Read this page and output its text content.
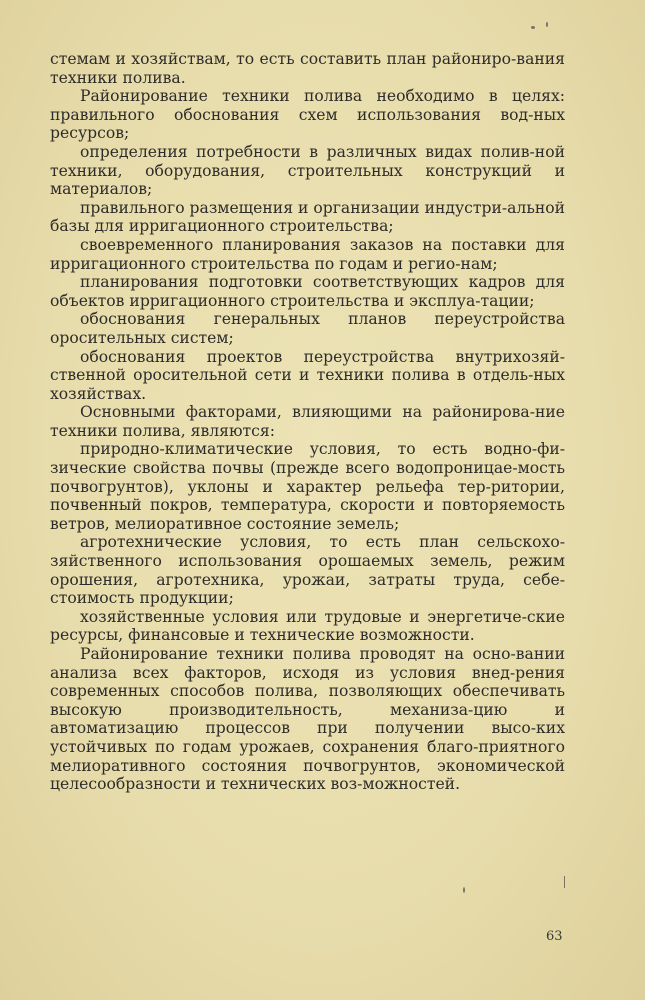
стемам и хозяйствам, то есть составить план райониро-вания техники полива.

Районирование техники полива необходимо в целях: правильного обоснования схем использования вод-ных ресурсов;

определения потребности в различных видах полив-ной техники, оборудования, строительных конструкций и материалов;

правильного размещения и организации индустри-альной базы для ирригационного строительства;

своевременного планирования заказов на поставки для ирригационного строительства по годам и регио-нам;

планирования подготовки соответствующих кадров для объектов ирригационного строительства и эксплуа-тации;

обоснования генеральных планов переустройства оросительных систем;

обоснования проектов переустройства внутрихозяй-ственной оросительной сети и техники полива в отдель-ных хозяйствах.

Основными факторами, влияющими на районирова-ние техники полива, являются:

природно-климатические условия, то есть водно-фи-зические свойства почвы (прежде всего водопроницае-мость почвогрунтов), уклоны и характер рельефа тер-ритории, почвенный покров, температура, скорости и повторяемость ветров, мелиоративное состояние земель;

агротехнические условия, то есть план сельскохо-зяйственного использования орошаемых земель, режим орошения, агротехника, урожаи, затраты труда, себе-стоимость продукции;

хозяйственные условия или трудовые и энергетиче-ские ресурсы, финансовые и технические возможности.

Районирование техники полива проводят на осно-вании анализа всех факторов, исходя из условия внед-рения современных способов полива, позволяющих обеспечивать высокую производительность, механиза-цию и автоматизацию процессов при получении высо-ких устойчивых по годам урожаев, сохранения благо-приятного мелиоративного состояния почвогрунтов, экономической целесообразности и технических воз-можностей.

63
